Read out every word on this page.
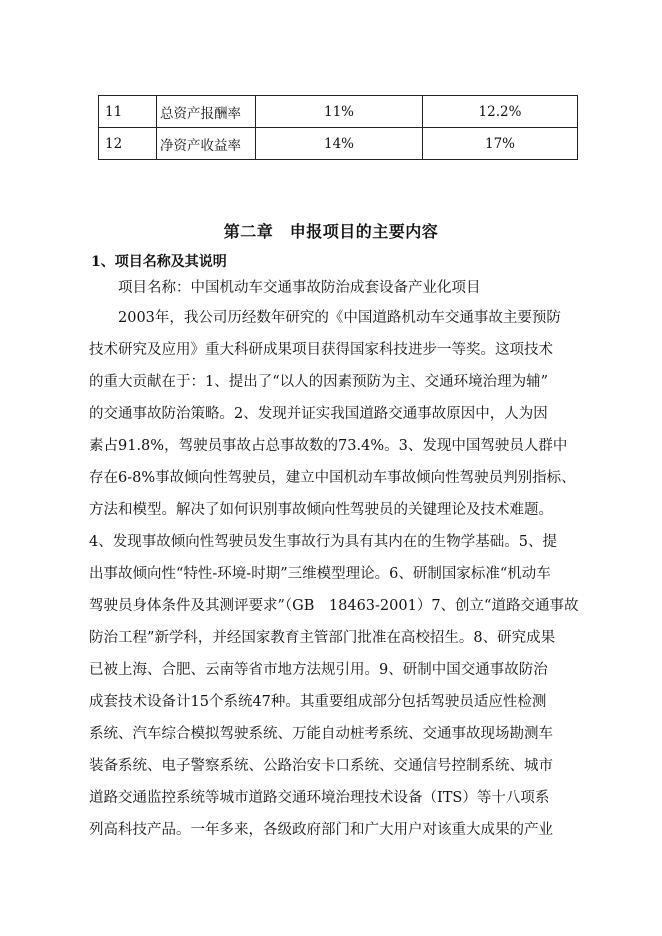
11	总资产报酬率	11%	12.2%
12	净资产收益率	14%	17%
第二章　申报项目的主要内容
1、项目名称及其说明
　　项目名称：中国机动车交通事故防治成套设备产业化项目
　　2003年，我公司历经数年研究的《中国道路机动车交通事故主要预防
技术研究及应用》重大科研成果项目获得国家科技进步一等奖。这项技术
的重大贡献在于：1、提出了“以人的因素预防为主、交通环境治理为辅”
的交通事故防治策略。2、发现并证实我国道路交通事故原因中，人为因
素占91.8%，驾驶员事故占总事故数的73.4%。3、发现中国驾驶员人群中
存在6-8%事故倾向性驾驶员，建立中国机动车事故倾向性驾驶员判别指标、
方法和模型。解决了如何识别事故倾向性驾驶员的关键理论及技术难题。
4、发现事故倾向性驾驶员发生事故行为具有其内在的生物学基础。5、提
出事故倾向性“特性-环境-时期”三维模型理论。6、研制国家标准“机动车
驾驶员身体条件及其测评要求”（GB　18463-2001）7、创立“道路交通事故
防治工程”新学科，并经国家教育主管部门批准在高校招生。8、研究成果
已被上海、合肥、云南等省市地方法规引用。9、研制中国交通事故防治
成套技术设备计15个系统47种。其重要组成部分包括驾驶员适应性检测
系统、汽车综合模拟驾驶系统、万能自动桩考系统、交通事故现场勘测车
装备系统、电子警察系统、公路治安卡口系统、交通信号控制系统、城市
道路交通监控系统等城市道路交通环境治理技术设备（ITS）等十八项系
列高科技产品。一年多来，各级政府部门和广大用户对该重大成果的产业
